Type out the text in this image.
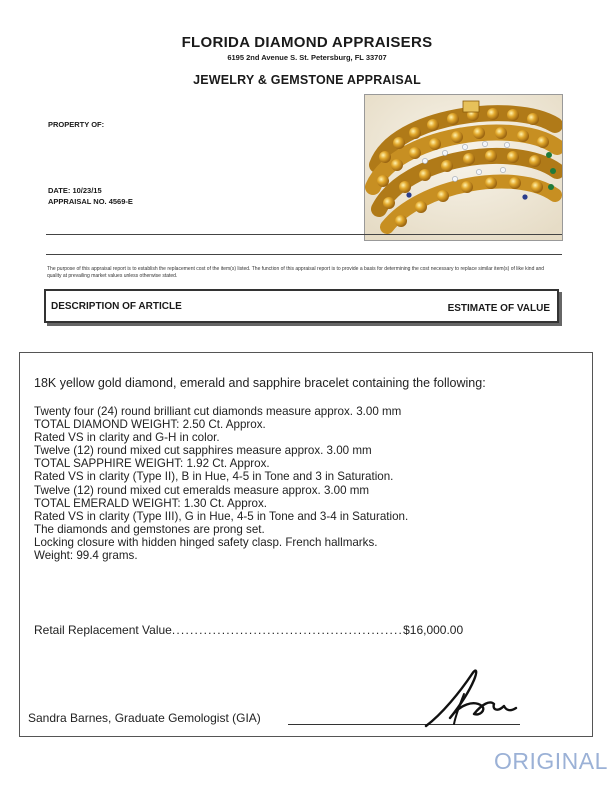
FLORIDA DIAMOND APPRAISERS
6195 2nd Avenue S. St. Petersburg, FL 33707
JEWELRY & GEMSTONE APPRAISAL
PROPERTY OF:
DATE: 10/23/15
APPRAISAL NO. 4569-E
The purpose of this appraisal report is to establish the replacement cost of the item(s) listed. The function of this appraisal report is to provide a basis for determining the cost necessary to replace similar item(s) of like kind and quality at prevailing market values unless otherwise stated.
DESCRIPTION OF ARTICLE	ESTIMATE OF VALUE
18K yellow gold diamond, emerald and sapphire bracelet containing the following:
Twenty four (24) round brilliant cut diamonds measure approx. 3.00 mm
TOTAL DIAMOND WEIGHT: 2.50 Ct. Approx.
Rated VS in clarity and G-H in color.
Twelve (12) round mixed cut sapphires measure approx. 3.00 mm
TOTAL SAPPHIRE WEIGHT: 1.92 Ct. Approx.
Rated VS in clarity (Type II), B in Hue, 4-5 in Tone and 3 in Saturation.
Twelve (12) round mixed cut emeralds measure approx. 3.00 mm
TOTAL EMERALD WEIGHT: 1.30 Ct. Approx.
Rated VS in clarity (Type III), G in Hue, 4-5 in Tone and 3-4 in Saturation.
The diamonds and gemstones are prong set.
Locking closure with hidden hinged safety clasp. French hallmarks.
Weight: 99.4 grams.
Retail Replacement Value...................................................$16,000.00
Sandra Barnes, Graduate Gemologist (GIA)
ORIGINAL
